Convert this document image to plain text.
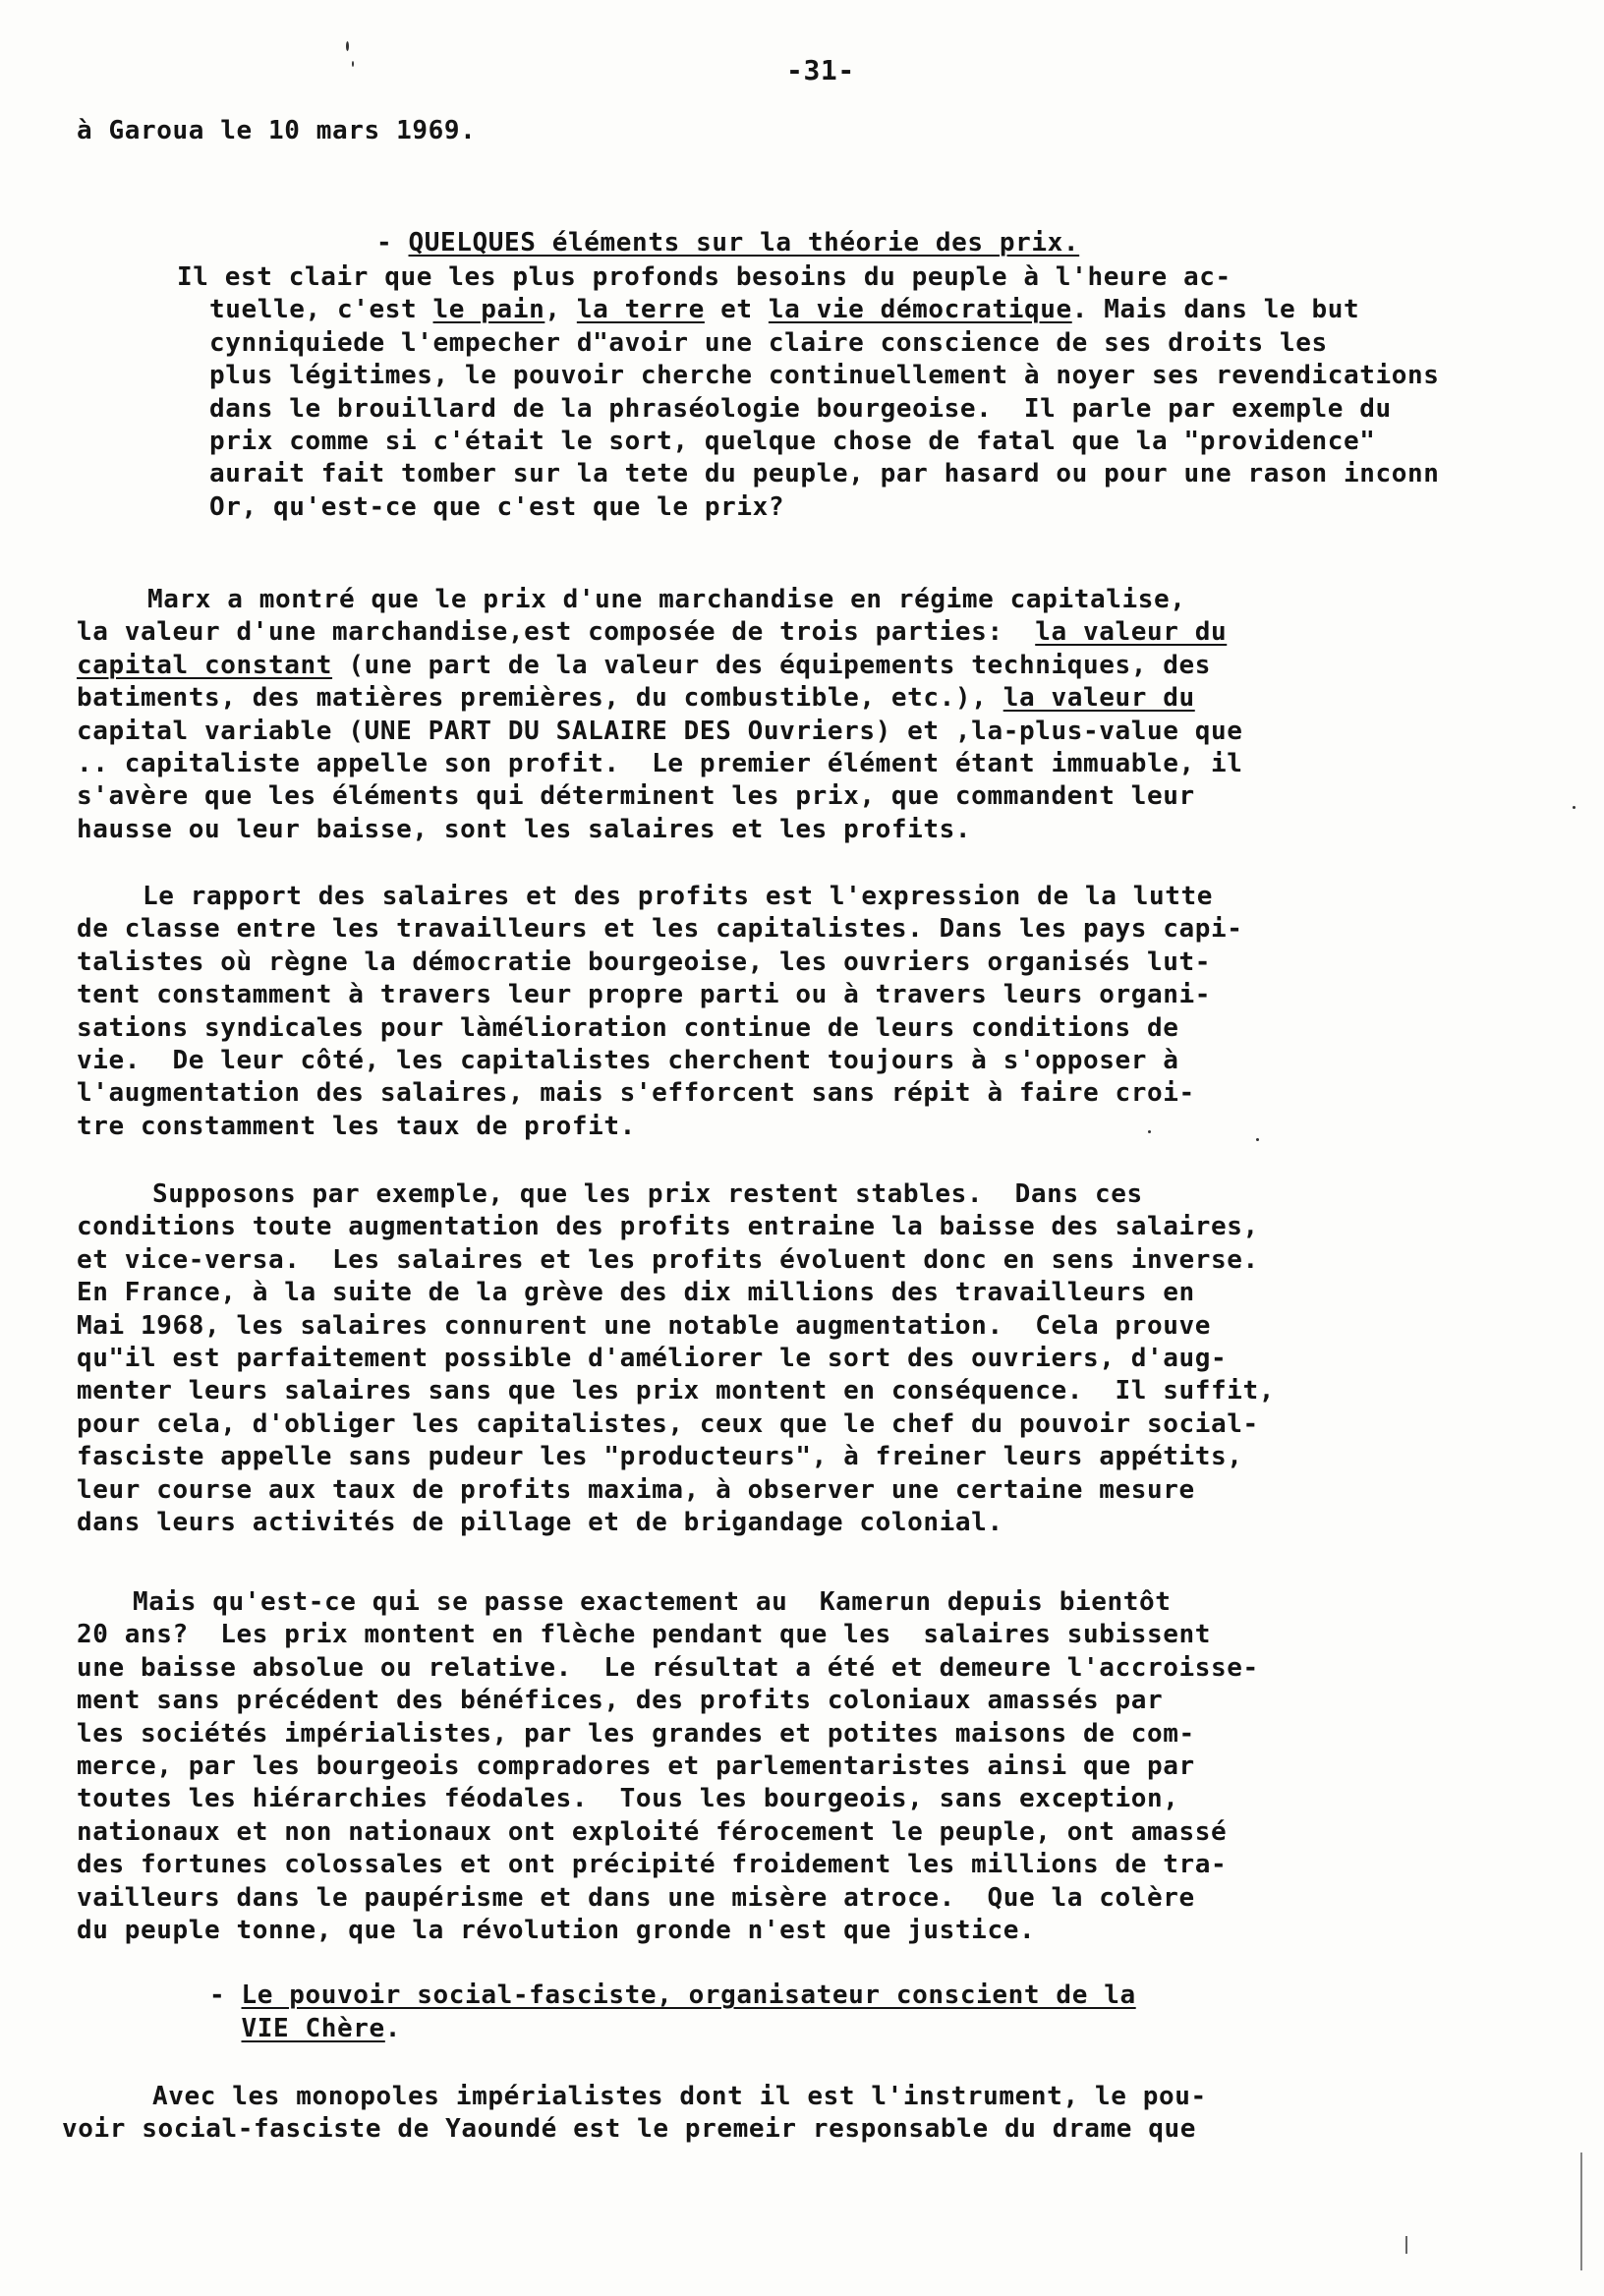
-31-
à Garoua le 10 mars 1969.
- QUELQUES éléments sur la théorie des prix.
Il est clair que les plus profonds besoins du peuple à l'heure ac-
tuelle, c'est le pain, la terre et la vie démocratique. Mais dans le but
cynniquiede l'empecher d"avoir une claire conscience de ses droits les
plus légitimes, le pouvoir cherche continuellement à noyer ses revendications
dans le brouillard de la phraséologie bourgeoise.  Il parle par exemple du
prix comme si c'était le sort, quelque chose de fatal que la "providence"
aurait fait tomber sur la tete du peuple, par hasard ou pour une rason inconn
Or, qu'est-ce que c'est que le prix?
Marx a montré que le prix d'une marchandise en régime capitalise,
la valeur d'une marchandise,est composée de trois parties:  la valeur du
capital constant (une part de la valeur des équipements techniques, des
batiments, des matières premières, du combustible, etc.), la valeur du
capital variable (UNE PART DU SALAIRE DES Ouvriers) et ,la-plus-value que
.. capitaliste appelle son profit.  Le premier élément étant immuable, il
s'avère que les éléments qui déterminent les prix, que commandent leur
hausse ou leur baisse, sont les salaires et les profits.
Le rapport des salaires et des profits est l'expression de la lutte
de classe entre les travailleurs et les capitalistes. Dans les pays capi-
talistes où règne la démocratie bourgeoise, les ouvriers organisés lut-
tent constamment à travers leur propre parti ou à travers leurs organi-
sations syndicales pour làmélioration continue de leurs conditions de
vie.  De leur côté, les capitalistes cherchent toujours à s'opposer à
l'augmentation des salaires, mais s'efforcent sans répit à faire croi-
tre constamment les taux de profit.
Supposons par exemple, que les prix restent stables.  Dans ces
conditions toute augmentation des profits entraine la baisse des salaires,
et vice-versa.  Les salaires et les profits évoluent donc en sens inverse.
En France, à la suite de la grève des dix millions des travailleurs en
Mai 1968, les salaires connurent une notable augmentation.  Cela prouve
qu"il est parfaitement possible d'améliorer le sort des ouvriers, d'aug-
menter leurs salaires sans que les prix montent en conséquence.  Il suffit,
pour cela, d'obliger les capitalistes, ceux que le chef du pouvoir social-
fasciste appelle sans pudeur les "producteurs", à freiner leurs appétits,
leur course aux taux de profits maxima, à observer une certaine mesure
dans leurs activités de pillage et de brigandage colonial.
Mais qu'est-ce qui se passe exactement au  Kamerun depuis bientôt
20 ans?  Les prix montent en flèche pendant que les  salaires subissent
une baisse absolue ou relative.  Le résultat a été et demeure l'accroisse-
ment sans précédent des bénéfices, des profits coloniaux amassés par
les sociétés impérialistes, par les grandes et potites maisons de com-
merce, par les bourgeois compradores et parlementaristes ainsi que par
toutes les hiérarchies féodales.  Tous les bourgeois, sans exception,
nationaux et non nationaux ont exploité férocement le peuple, ont amassé
des fortunes colossales et ont précipité froidement les millions de tra-
vailleurs dans le paupérisme et dans une misère atroce.  Que la colère
du peuple tonne, que la révolution gronde n'est que justice.
Avec les monopoles impérialistes dont il est l'instrument, le pou-
voir social-fasciste de Yaoundé est le premeir responsable du drame que
- Le pouvoir social-fasciste, organisateur conscient de la
VIE Chère.
